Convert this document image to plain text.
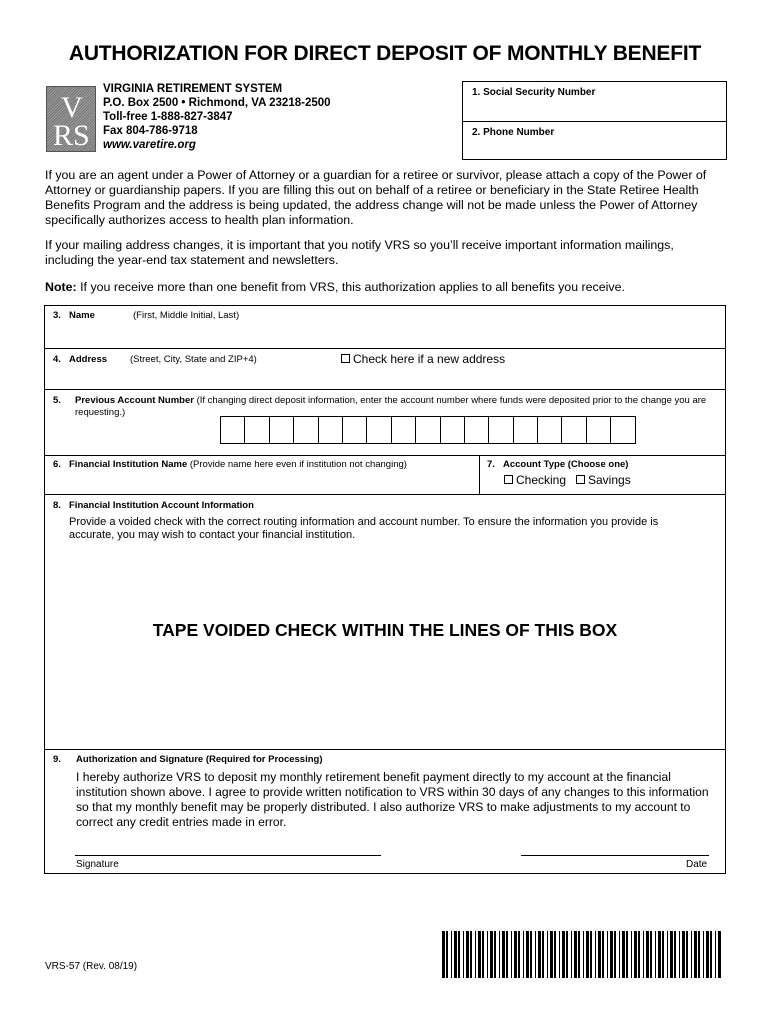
AUTHORIZATION FOR DIRECT DEPOSIT OF MONTHLY BENEFIT
V
R S
VIRGINIA RETIREMENT SYSTEM
P.O. Box 2500 • Richmond, VA 23218-2500
Toll-free 1-888-827-3847
Fax 804-786-9718
www.varetire.org
1. Social Security Number
2. Phone Number
If you are an agent under a Power of Attorney or a guardian for a retiree or survivor, please attach a copy of the Power of Attorney or guardianship papers. If you are filling this out on behalf of a retiree or beneficiary in the State Retiree Health Benefits Program and the address is being updated, the address change will not be made unless the Power of Attorney specifically authorizes access to health plan information.
If your mailing address changes, it is important that you notify VRS so you’ll receive important information mailings, including the year-end tax statement and newsletters.
Note: If you receive more than one benefit from VRS, this authorization applies to all benefits you receive.
3. Name	(First, Middle Initial, Last)
4. Address (Street, City, State and ZIP+4)	Check here if a new address
5. Previous Account Number (If changing direct deposit information, enter the account number where funds were deposited prior to the change you are requesting.)
6. Financial Institution Name (Provide name here even if institution not changing)	7. Account Type (Choose one)
Checking	Savings
8. Financial Institution Account Information
Provide a voided check with the correct routing information and account number. To ensure the information you provide is accurate, you may wish to contact your financial institution.
TAPE VOIDED CHECK WITHIN THE LINES OF THIS BOX
9. Authorization and Signature (Required for Processing)
I hereby authorize VRS to deposit my monthly retirement benefit payment directly to my account at the financial institution shown above. I agree to provide written notification to VRS within 30 days of any changes to this information so that my monthly benefit may be properly distributed. I also authorize VRS to make adjustments to my account to correct any credit entries made in error.
Signature	Date
VRS-57 (Rev. 08/19)
